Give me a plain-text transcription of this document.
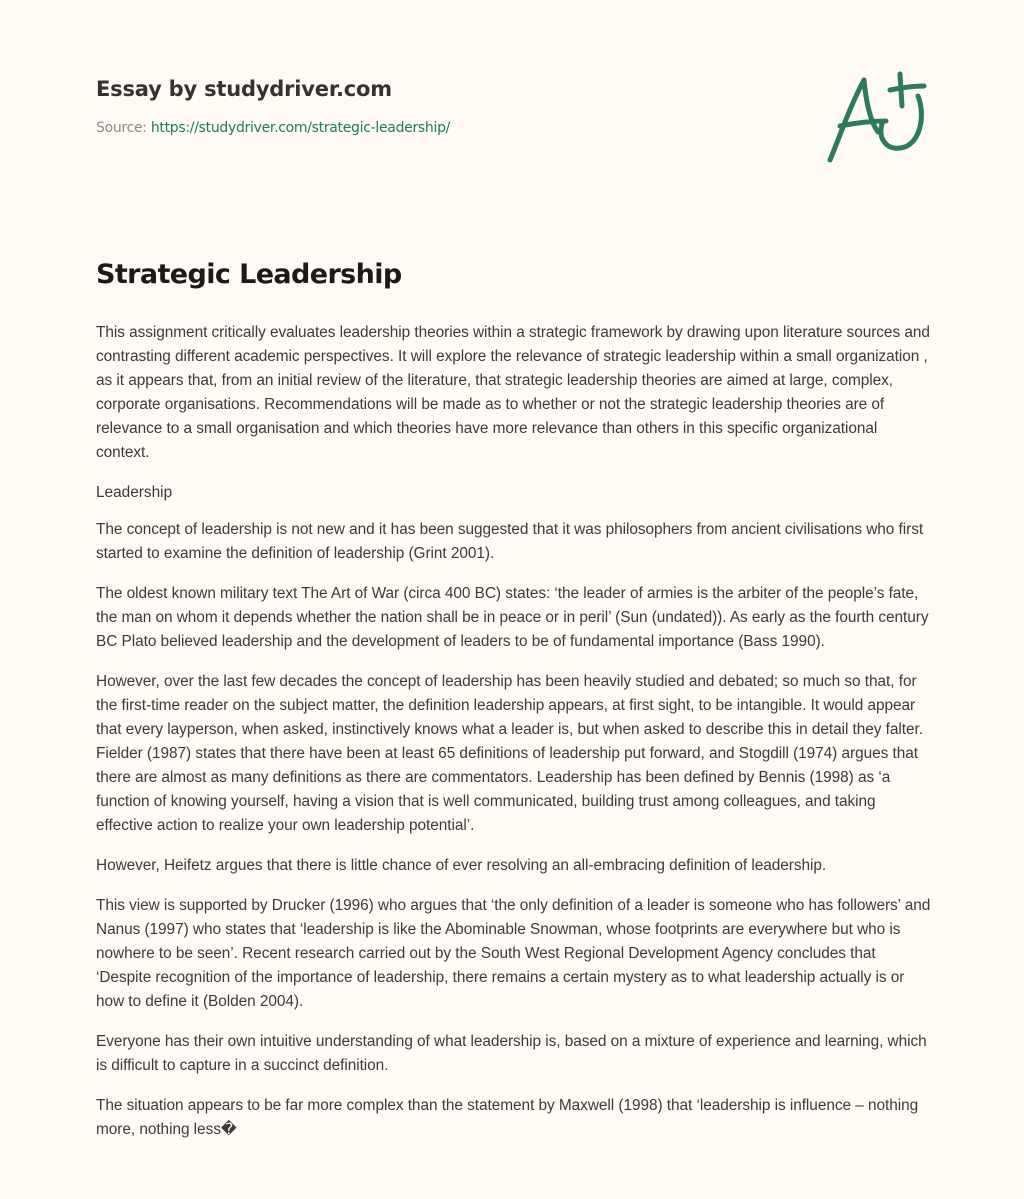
Essay by studydriver.com
Source: https://studydriver.com/strategic-leadership/
Strategic Leadership

This assignment critically evaluates leadership theories within a strategic framework by drawing upon literature sources and contrasting different academic perspectives. It will explore the relevance of strategic leadership within a small organization , as it appears that, from an initial review of the literature, that strategic leadership theories are aimed at large, complex, corporate organisations. Recommendations will be made as to whether or not the strategic leadership theories are of relevance to a small organisation and which theories have more relevance than others in this specific organizational context.

Leadership

The concept of leadership is not new and it has been suggested that it was philosophers from ancient civilisations who first started to examine the definition of leadership (Grint 2001).

The oldest known military text The Art of War (circa 400 BC) states: ‘the leader of armies is the arbiter of the people’s fate, the man on whom it depends whether the nation shall be in peace or in peril’ (Sun (undated)). As early as the fourth century BC Plato believed leadership and the development of leaders to be of fundamental importance (Bass 1990).

However, over the last few decades the concept of leadership has been heavily studied and debated; so much so that, for the first-time reader on the subject matter, the definition leadership appears, at first sight, to be intangible. It would appear that every layperson, when asked, instinctively knows what a leader is, but when asked to describe this in detail they falter. Fielder (1987) states that there have been at least 65 definitions of leadership put forward, and Stogdill (1974) argues that there are almost as many definitions as there are commentators. Leadership has been defined by Bennis (1998) as ‘a function of knowing yourself, having a vision that is well communicated, building trust among colleagues, and taking effective action to realize your own leadership potential’.

However, Heifetz argues that there is little chance of ever resolving an all-embracing definition of leadership.

This view is supported by Drucker (1996) who argues that ‘the only definition of a leader is someone who has followers’ and Nanus (1997) who states that ‘leadership is like the Abominable Snowman, whose footprints are everywhere but who is nowhere to be seen’. Recent research carried out by the South West Regional Development Agency concludes that ‘Despite recognition of the importance of leadership, there remains a certain mystery as to what leadership actually is or how to define it (Bolden 2004).

Everyone has their own intuitive understanding of what leadership is, based on a mixture of experience and learning, which is difficult to capture in a succinct definition.

The situation appears to be far more complex than the statement by Maxwell (1998) that ‘leadership is influence – nothing more, nothing less�
